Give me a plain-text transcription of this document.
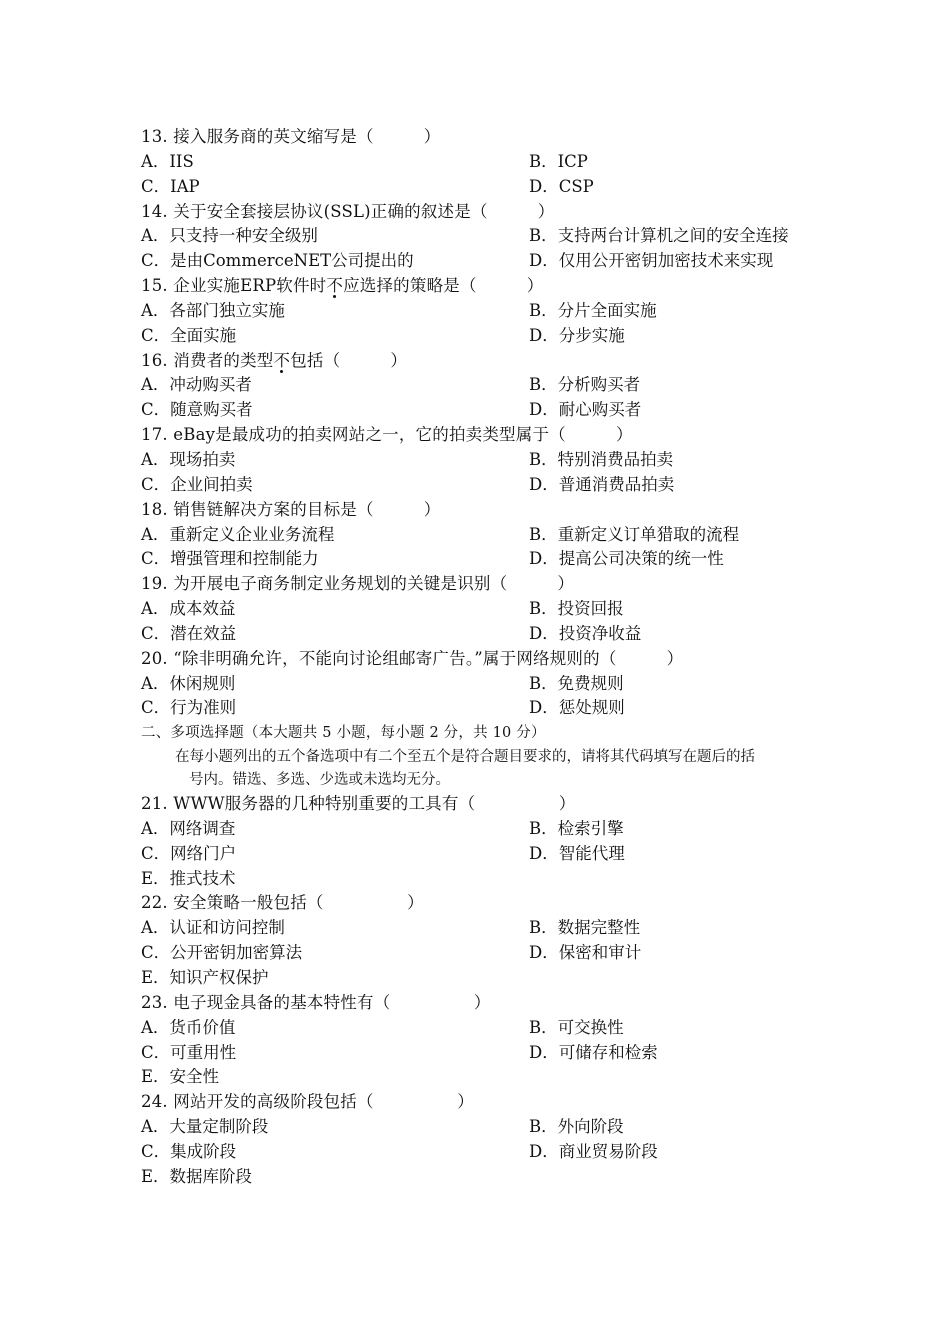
13. 接入服务商的英文缩写是（　　　）
A．IIS	B．ICP
C．IAP	D．CSP
14. 关于安全套接层协议(SSL)正确的叙述是（　　　）
A．只支持一种安全级别	B．支持两台计算机之间的安全连接
C．是由CommerceNET公司提出的	D．仅用公开密钥加密技术来实现
15. 企业实施ERP软件时不应选择的策略是（　　　）
A．各部门独立实施	B．分片全面实施
C．全面实施	D．分步实施
16. 消费者的类型不包括（　　　）
A．冲动购买者	B．分析购买者
C．随意购买者	D．耐心购买者
17. eBay是最成功的拍卖网站之一，它的拍卖类型属于（　　　）
A．现场拍卖	B．特别消费品拍卖
C．企业间拍卖	D．普通消费品拍卖
18. 销售链解决方案的目标是（　　　）
A．重新定义企业业务流程	B．重新定义订单猎取的流程
C．增强管理和控制能力	D．提高公司决策的统一性
19. 为开展电子商务制定业务规划的关键是识别（　　　）
A．成本效益	B．投资回报
C．潜在效益	D．投资净收益
20. “除非明确允许，不能向讨论组邮寄广告。”属于网络规则的（　　　）
A．休闲规则	B．免费规则
C．行为准则	D．惩处规则
二、多项选择题（本大题共 5 小题，每小题 2 分，共 10 分）

在每小题列出的五个备选项中有二个至五个是符合题目要求的，请将其代码填写在题后的括

号内。错选、多选、少选或未选均无分。

21. WWW服务器的几种特别重要的工具有（　　　　　）
A．网络调查	B．检索引擎
C．网络门户	D．智能代理
E．推式技术
22. 安全策略一般包括（　　　　　）
A．认证和访问控制	B．数据完整性
C．公开密钥加密算法	D．保密和审计
E．知识产权保护
23. 电子现金具备的基本特性有（　　　　　）
A．货币价值	B．可交换性
C．可重用性	D．可储存和检索
E．安全性
24. 网站开发的高级阶段包括（　　　　　）
A．大量定制阶段	B．外向阶段
C．集成阶段	D．商业贸易阶段
E．数据库阶段
